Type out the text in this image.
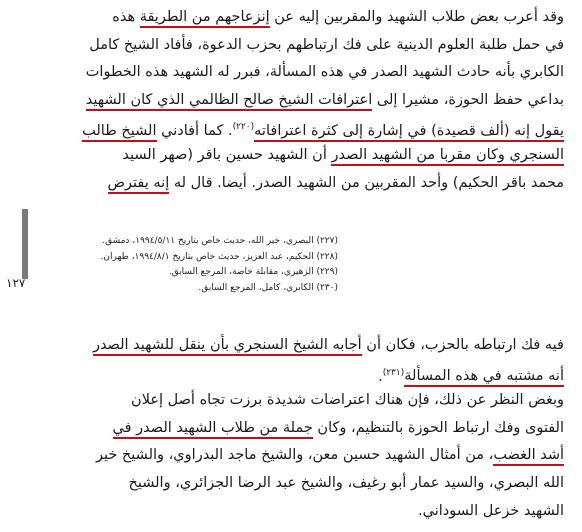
وقد أعرب بعض طلاب الشهيد والمقربين إليه عن إنزعاجهم من الطريقة هذه
في حمل طلبة العلوم الدينية على فك ارتباطهم بحزب الدعوة، فأفاد الشيخ كامل
الكابري بأنه حادث الشهيد الصدر في هذه المسألة، فبرر له الشهيد هذه الخطوات
بداعي حفظ الحوزة، مشيرا إلى اعترافات الشيخ صالح الظالمي الذي كان الشهيد
يقول إنه (ألف قصيدة) في إشارة إلى كثرة اعترافاته$^{(٢٢٠)}$. كما أفادني الشيخ طالب
السنجري وكان مقربا من الشهيد الصدر أن الشهيد حسين باقر (صهر السيد
محمد باقر الحكيم) وأحد المقربين من الشهيد الصدر. أيضا. قال له إنه يفترض
(٢٢٧) البصري، خير الله، حديث خاص بتاريخ ١٩٩٤/٥/١١، دمشق.
(٢٢٨) الحكيم، عبد العزيز، حديث خاص بتاريخ ١٩٩٤/٨/١، طهران.
(٢٢٩) الزهيري، مقابلة خاصة، المرجع السابق.
(٢٣٠) الكابري، كامل، المرجع السابق.
١٢٧
فيه فك ارتباطه بالحزب، فكان أن أجابه الشيخ السنجري بأن ينقل للشهيد الصدر
أنه مشتبه في هذه المسألة$^{(٢٣١)}$.
وبغض النظر عن ذلك، فإن هناك اعتراضات شديدة برزت تجاه أصل إعلان
الفتوى وفك ارتباط الحوزة بالتنظيم، وكان جملة من طلاب الشهيد الصدر في
أشد الغضب، من أمثال الشهيد حسين معن، والشيخ ماجد البدراوي، والشيخ خير
الله البصري، والسيد عمار أبو رغيف، والشيخ عبد الرضا الجزائري، والشيخ
الشهيد خزعل السوداني.
